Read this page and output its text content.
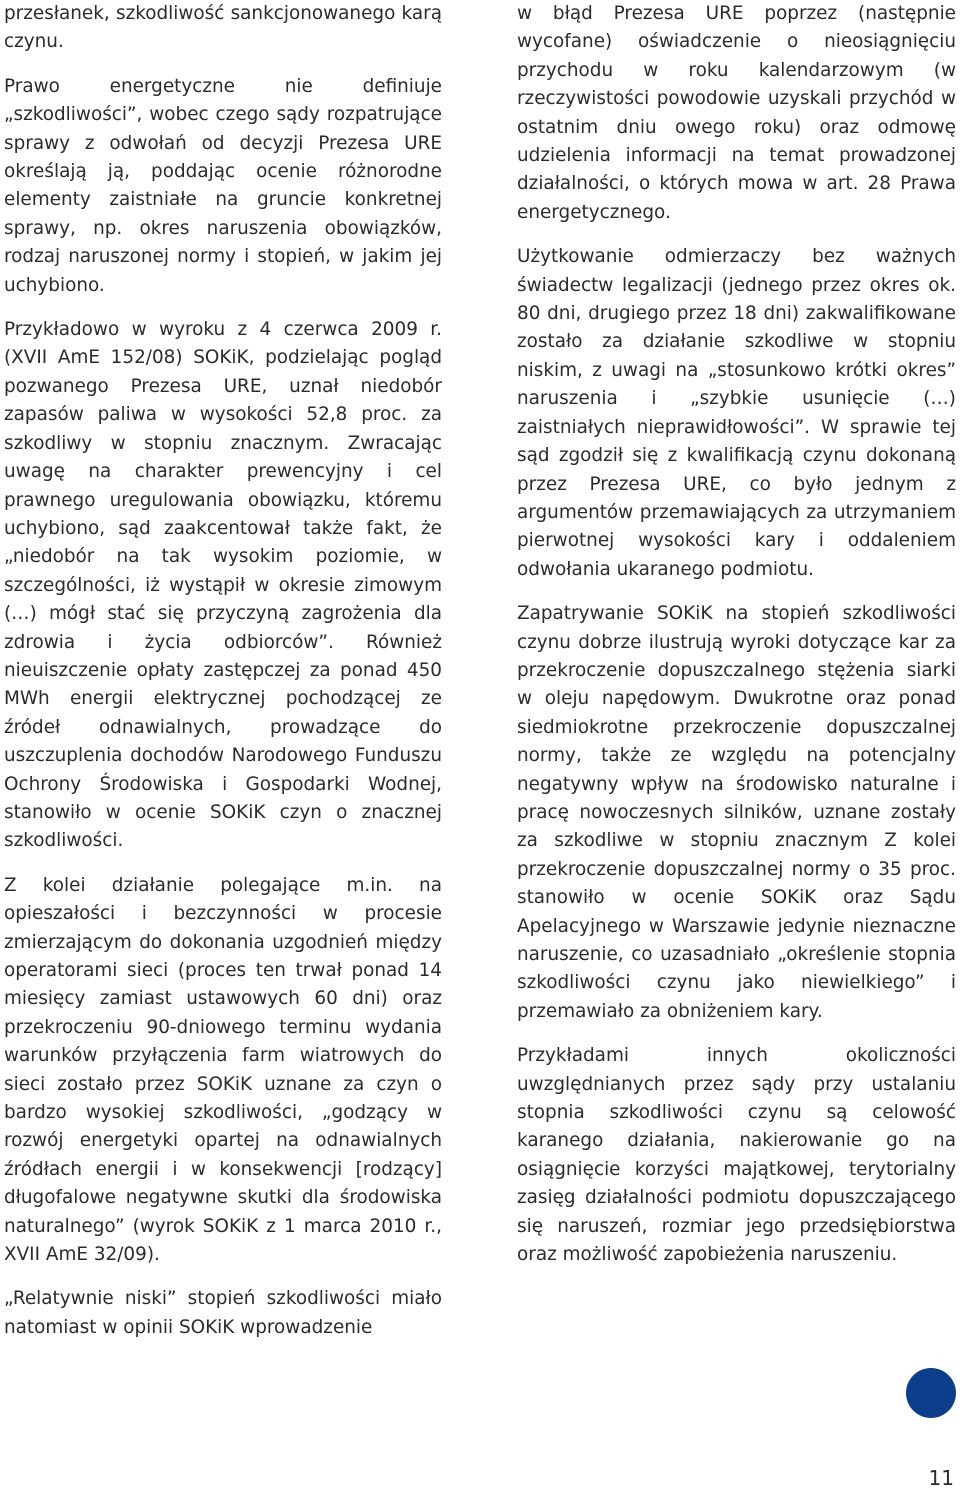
przesłanek, szkodliwość sankcjonowanego karą czynu.

Prawo energetyczne nie definiuje „szkodliwości”, wobec czego sądy rozpatrujące sprawy z odwołań od decyzji Prezesa URE określają ją, poddając ocenie różnorodne elementy zaistniałe na gruncie konkretnej sprawy, np. okres naruszenia obowiązków, rodzaj naruszonej normy i stopień, w jakim jej uchybiono.

Przykładowo w wyroku z 4 czerwca 2009 r. (XVII AmE 152/08) SOKiK, podzielając pogląd pozwanego Prezesa URE, uznał niedobór zapasów paliwa w wysokości 52,8 proc. za szkodliwy w stopniu znacznym. Zwracając uwagę na charakter prewencyjny i cel prawnego uregulowania obowiązku, któremu uchybiono, sąd zaakcentował także fakt, że „niedobór na tak wysokim poziomie, w szczególności, iż wystąpił w okresie zimowym (…) mógł stać się przyczyną zagrożenia dla zdrowia i życia odbiorców”. Również nieuiszczenie opłaty zastępczej za ponad 450 MWh energii elektrycznej pochodzącej ze źródeł odnawialnych, prowadzące do uszczuplenia dochodów Narodowego Funduszu Ochrony Środowiska i Gospodarki Wodnej, stanowiło w ocenie SOKiK czyn o znacznej szkodliwości.

Z kolei działanie polegające m.in. na opieszałości i bezczynności w procesie zmierzającym do dokonania uzgodnień między operatorami sieci (proces ten trwał ponad 14 miesięcy zamiast ustawowych 60 dni) oraz przekroczeniu 90-dniowego terminu wydania warunków przyłączenia farm wiatrowych do sieci zostało przez SOKiK uznane za czyn o bardzo wysokiej szkodliwości, „godzący w rozwój energetyki opartej na odnawialnych źródłach energii i w konsekwencji [rodzący] długofalowe negatywne skutki dla środowiska naturalnego” (wyrok SOKiK z 1 marca 2010 r., XVII AmE 32/09).

„Relatywnie niski” stopień szkodliwości miało natomiast w opinii SOKiK wprowadzenie

w błąd Prezesa URE poprzez (następnie wycofane) oświadczenie o nieosiągnięciu przychodu w roku kalendarzowym (w rzeczywistości powodowie uzyskali przychód w ostatnim dniu owego roku) oraz odmowę udzielenia informacji na temat prowadzonej działalności, o których mowa w art. 28 Prawa energetycznego.

Użytkowanie odmierzaczy bez ważnych świadectw legalizacji (jednego przez okres ok. 80 dni, drugiego przez 18 dni) zakwalifikowane zostało za działanie szkodliwe w stopniu niskim, z uwagi na „stosunkowo krótki okres” naruszenia i „szybkie usunięcie (…) zaistniałych nieprawidłowości”. W sprawie tej sąd zgodził się z kwalifikacją czynu dokonaną przez Prezesa URE, co było jednym z argumentów przemawiających za utrzymaniem pierwotnej wysokości kary i oddaleniem odwołania ukaranego podmiotu.

Zapatrywanie SOKiK na stopień szkodliwości czynu dobrze ilustrują wyroki dotyczące kar za przekroczenie dopuszczalnego stężenia siarki w oleju napędowym. Dwukrotne oraz ponad siedmiokrotne przekroczenie dopuszczalnej normy, także ze względu na potencjalny negatywny wpływ na środowisko naturalne i pracę nowoczesnych silników, uznane zostały za szkodliwe w stopniu znacznym Z kolei przekroczenie dopuszczalnej normy o 35 proc. stanowiło w ocenie SOKiK oraz Sądu Apelacyjnego w Warszawie jedynie nieznaczne naruszenie, co uzasadniało „określenie stopnia szkodliwości czynu jako niewielkiego” i przemawiało za obniżeniem kary.

Przykładami innych okoliczności uwzględnianych przez sądy przy ustalaniu stopnia szkodliwości czynu są celowość karanego działania, nakierowanie go na osiągnięcie korzyści majątkowej, terytorialny zasięg działalności podmiotu dopuszczającego się naruszeń, rozmiar jego przedsiębiorstwa oraz możliwość zapobieżenia naruszeniu.

11
